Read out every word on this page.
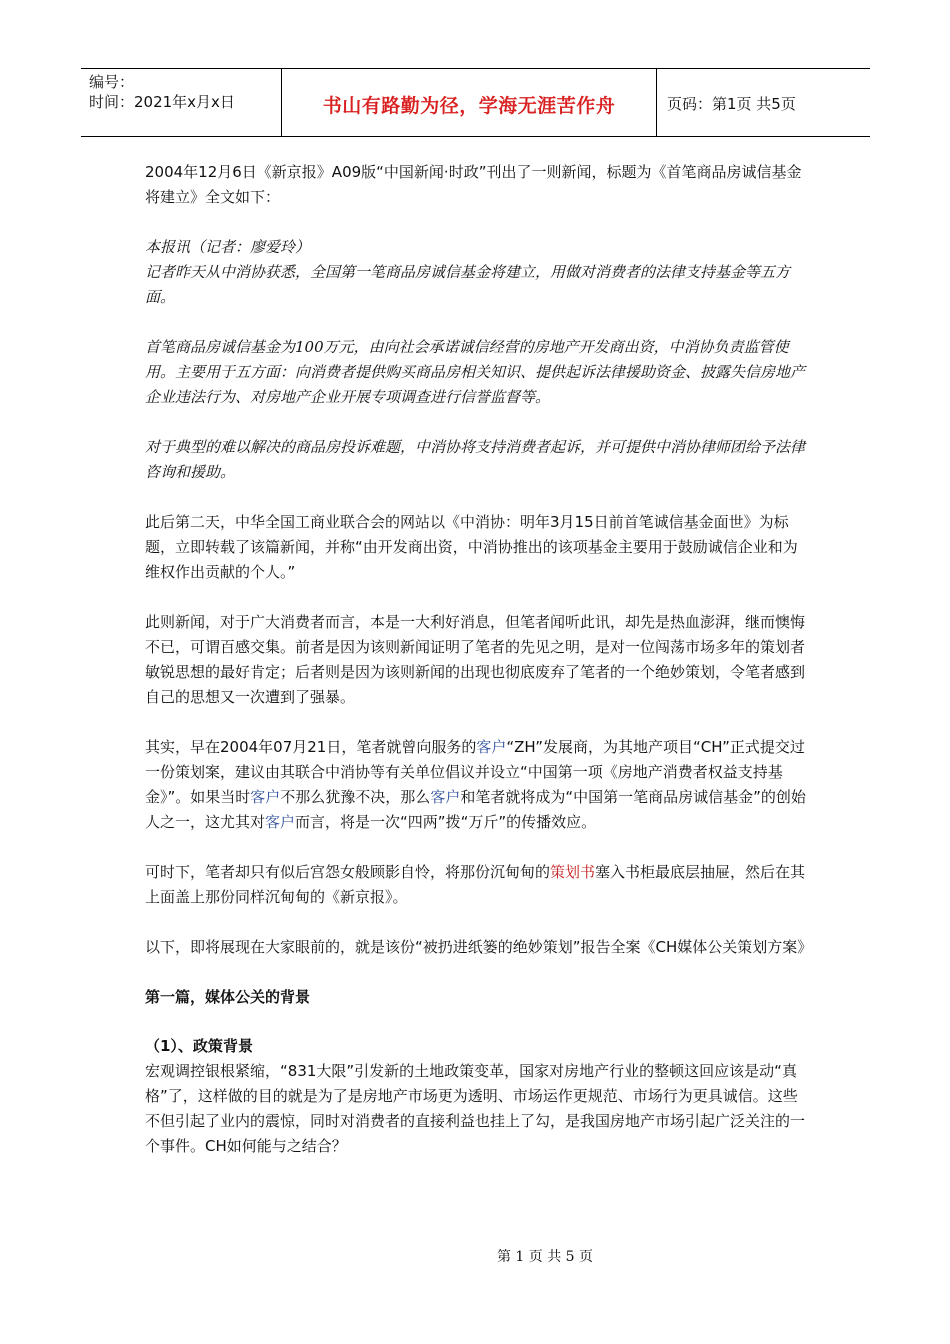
编号：
时间：2021年x月x日	书山有路勤为径，学海无涯苦作舟	页码：第1页 共5页

2004年12月6日《新京报》A09版“中国新闻·时政”刊出了一则新闻，标题为《首笔商品房诚信基金将建立》全文如下：

本报讯（记者：廖爱玲）

记者昨天从中消协获悉，全国第一笔商品房诚信基金将建立，用做对消费者的法律支持基金等五方面。

首笔商品房诚信基金为100万元，由向社会承诺诚信经营的房地产开发商出资，中消协负责监管使用。主要用于五方面：向消费者提供购买商品房相关知识、提供起诉法律援助资金、披露失信房地产企业违法行为、对房地产企业开展专项调查进行信誉监督等。

对于典型的难以解决的商品房投诉难题，中消协将支持消费者起诉，并可提供中消协律师团给予法律咨询和援助。

此后第二天，中华全国工商业联合会的网站以《中消协：明年3月15日前首笔诚信基金面世》为标题，立即转载了该篇新闻，并称“由开发商出资，中消协推出的该项基金主要用于鼓励诚信企业和为维权作出贡献的个人。”

此则新闻，对于广大消费者而言，本是一大利好消息，但笔者闻听此讯，却先是热血澎湃，继而懊悔不已，可谓百感交集。前者是因为该则新闻证明了笔者的先见之明，是对一位闯荡市场多年的策划者敏锐思想的最好肯定；后者则是因为该则新闻的出现也彻底废弃了笔者的一个绝妙策划，令笔者感到自己的思想又一次遭到了强暴。

其实，早在2004年07月21日，笔者就曾向服务的客户“ZH”发展商，为其地产项目“CH”正式提交过一份策划案，建议由其联合中消协等有关单位倡议并设立“中国第一项《房地产消费者权益支持基金》”。如果当时客户不那么犹豫不决，那么客户和笔者就将成为“中国第一笔商品房诚信基金”的创始人之一，这尤其对客户而言，将是一次“四两”拨“万斤”的传播效应。

可时下，笔者却只有似后宫怨女般顾影自怜，将那份沉甸甸的策划书塞入书柜最底层抽屉，然后在其上面盖上那份同样沉甸甸的《新京报》。

以下，即将展现在大家眼前的，就是该份“被扔进纸篓的绝妙策划”报告全案《CH媒体公关策划方案》

第一篇，媒体公关的背景
（1）、政策背景

宏观调控银根紧缩，“831大限”引发新的土地政策变革，国家对房地产行业的整顿这回应该是动“真格”了，这样做的目的就是为了是房地产市场更为透明、市场运作更规范、市场行为更具诚信。这些不但引起了业内的震惊，同时对消费者的直接利益也挂上了勾，是我国房地产市场引起广泛关注的一个事件。CH如何能与之结合？

第 1 页 共 5 页
